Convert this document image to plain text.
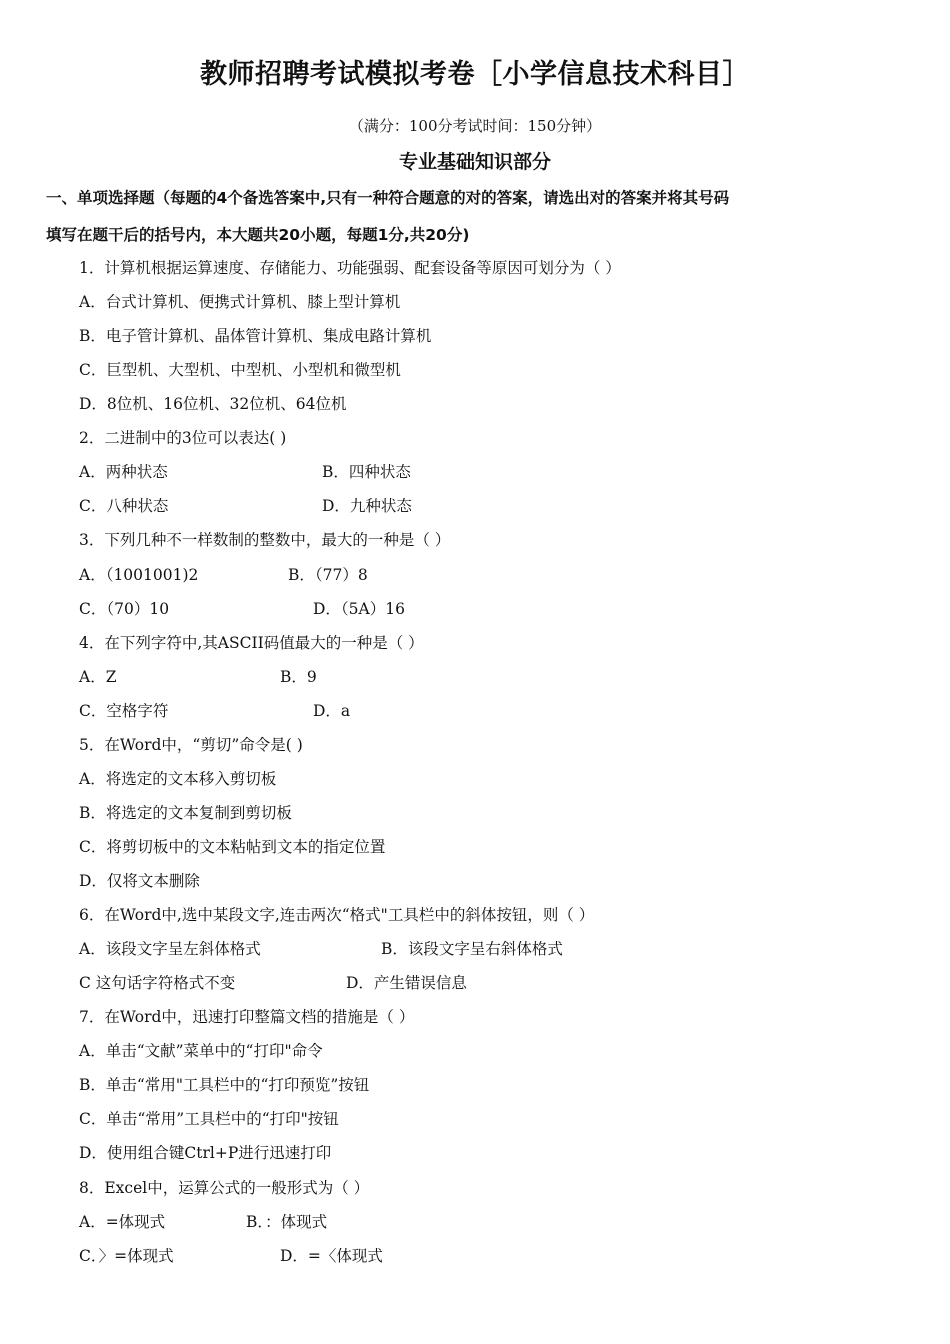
教师招聘考试模拟考卷［小学信息技术科目］
（满分：100分考试时间：150分钟）
专业基础知识部分
一、单项选择题（每题的4个备选答案中,只有一种符合题意的对的答案，请选出对的答案并将其号码
填写在题干后的括号内，本大题共20小题，每题1分,共20分)
1．计算机根据运算速度、存储能力、功能强弱、配套设备等原因可划分为（ ）
A．台式计算机、便携式计算机、膝上型计算机
B．电子管计算机、晶体管计算机、集成电路计算机
C．巨型机、大型机、中型机、小型机和微型机
D．8位机、16位机、32位机、64位机
2．二进制中的3位可以表达( )
A．两种状态	B．四种状态
C．八种状态	D．九种状态
3．下列几种不一样数制的整数中，最大的一种是（ ）
A．（1001001)2	B．（77）8
C．（70）10	D．（5A）16
4．在下列字符中,其ASCII码值最大的一种是（ ）
A．Z	B．9
C．空格字符	D．a
5．在Word中，“剪切”命令是( )
A．将选定的文本移入剪切板
B．将选定的文本复制到剪切板
C．将剪切板中的文本粘帖到文本的指定位置
D．仅将文本删除
6．在Word中,选中某段文字,连击两次“格式"工具栏中的斜体按钮，则（ ）
A．该段文字呈左斜体格式	B．该段文字呈右斜体格式
C 这句话字符格式不变	D．产生错误信息
7．在Word中，迅速打印整篇文档的措施是（ ）
A．单击“文献”菜单中的“打印"命令
B．单击“常用"工具栏中的“打印预览”按钮
C．单击“常用”工具栏中的“打印"按钮
D．使用组合键Ctrl+P进行迅速打印
8．Excel中，运算公式的一般形式为（ ）
A．=体现式	B．：体现式
C．〉=体现式	D．=〈体现式
